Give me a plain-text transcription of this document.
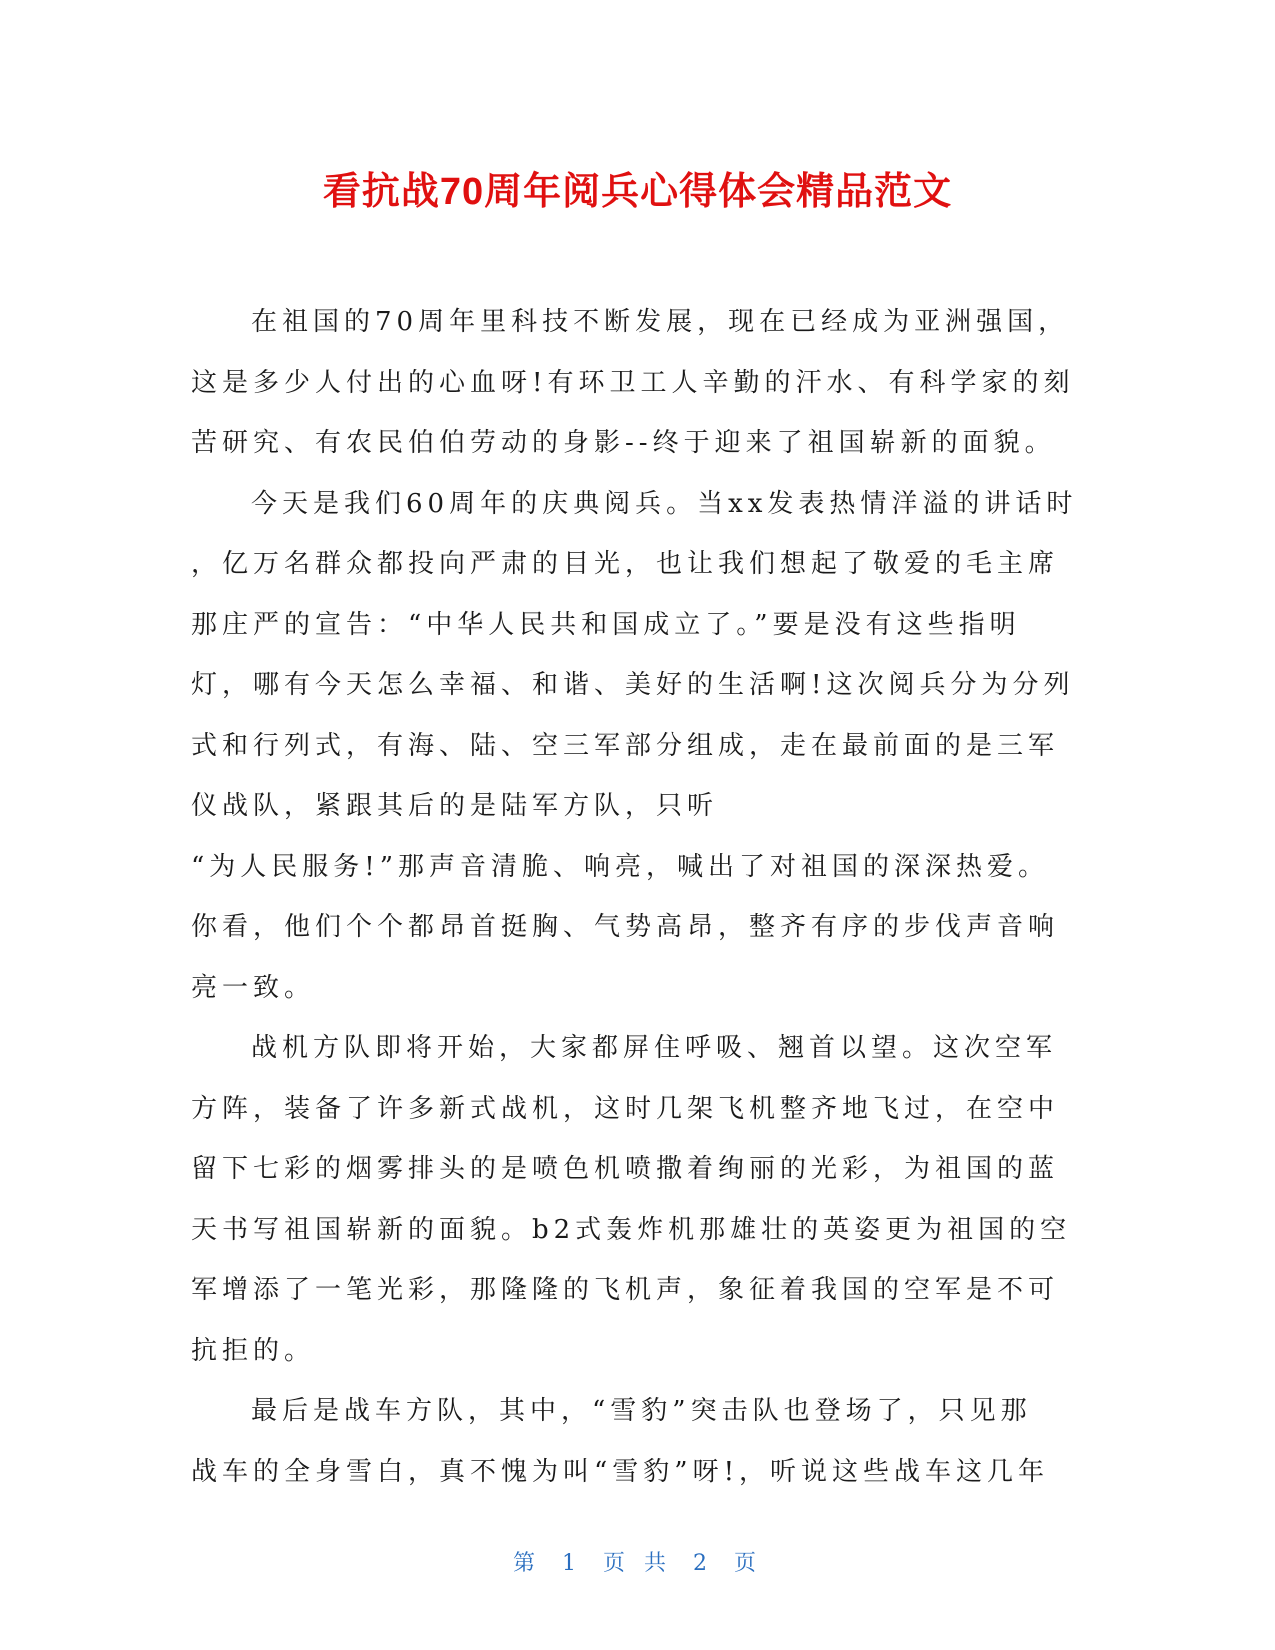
看抗战70周年阅兵心得体会精品范文
在祖国的70周年里科技不断发展，现在已经成为亚洲强国，
这是多少人付出的心血呀!有环卫工人辛勤的汗水、有科学家的刻
苦研究、有农民伯伯劳动的身影--终于迎来了祖国崭新的面貌。
今天是我们60周年的庆典阅兵。当xx发表热情洋溢的讲话时
，亿万名群众都投向严肃的目光，也让我们想起了敬爱的毛主席
那庄严的宣告：“中华人民共和国成立了。”要是没有这些指明
灯，哪有今天怎么幸福、和谐、美好的生活啊!这次阅兵分为分列
式和行列式，有海、陆、空三军部分组成，走在最前面的是三军
仪战队，紧跟其后的是陆军方队，只听
“为人民服务!”那声音清脆、响亮，喊出了对祖国的深深热爱。
你看，他们个个都昂首挺胸、气势高昂，整齐有序的步伐声音响
亮一致。
战机方队即将开始，大家都屏住呼吸、翘首以望。这次空军
方阵，装备了许多新式战机，这时几架飞机整齐地飞过，在空中
留下七彩的烟雾排头的是喷色机喷撒着绚丽的光彩，为祖国的蓝
天书写祖国崭新的面貌。b2式轰炸机那雄壮的英姿更为祖国的空
军增添了一笔光彩，那隆隆的飞机声，象征着我国的空军是不可
抗拒的。
最后是战车方队，其中，“雪豹”突击队也登场了，只见那
战车的全身雪白，真不愧为叫“雪豹”呀!，听说这些战车这几年
第 1 页 共 2 页
